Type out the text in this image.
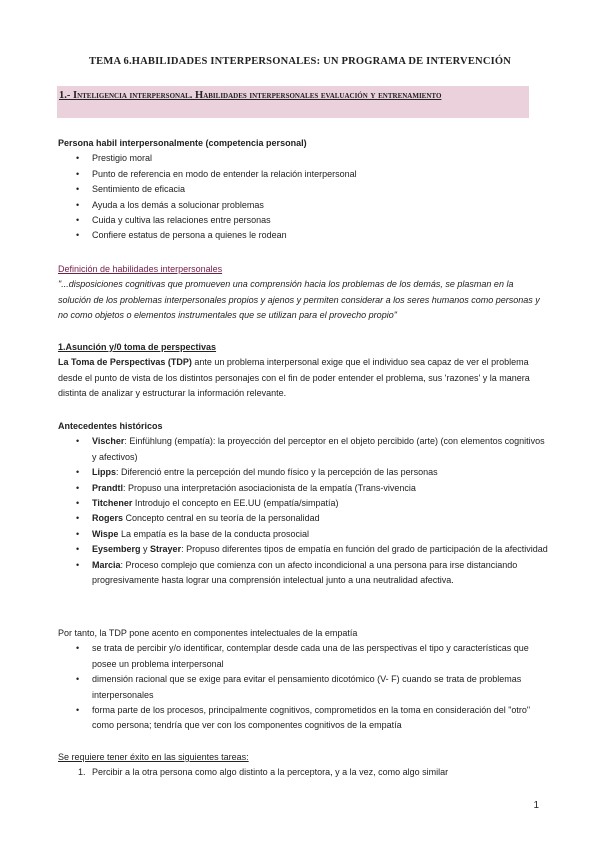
TEMA 6.HABILIDADES INTERPERSONALES: UN PROGRAMA DE INTERVENCIÓN
1.- Inteligencia interpersonal. Habilidades interpersonales evaluación y entrenamiento
Persona habil interpersonalmente (competencia personal)
• Prestigio moral
• Punto de referencia en modo de entender la relación interpersonal
• Sentimiento de eficacia
• Ayuda a los demás a solucionar problemas
• Cuida y cultiva las relaciones entre personas
• Confiere estatus de persona a quienes le rodean
Definición de habilidades interpersonales
"...disposiciones cognitivas que promueven una comprensión hacia los problemas de los demás, se plasman en la solución de los problemas interpersonales propios y ajenos y permiten considerar a los seres humanos como personas y no como objetos o elementos instrumentales que se utilizan para el provecho propio"
1.Asunción y/0 toma de perspectivas
La Toma de Perspectivas (TDP) ante un problema interpersonal exige que el individuo sea capaz de ver el problema desde el punto de vista de los distintos personajes con el fin de poder entender el problema, sus 'razones' y la manera distinta de analizar y estructurar la información relevante.
Antecedentes históricos
• Vischer: Einfühlung (empatía): la proyección del perceptor en el objeto percibido (arte) (con elementos cognitivos y afectivos)
• Lipps: Diferenció entre la percepción del mundo físico y la percepción de las personas
• Prandtl: Propuso una interpretación asociacionista de la empatía (Trans-vivencia
• Titchener Introdujo el concepto en EE.UU (empatía/simpatía)
• Rogers Concepto central en su teoría de la personalidad
• Wispe La empatía es la base de la conducta prosocial
• Eysemberg y Strayer: Propuso diferentes tipos de empatía en función del grado de participación de la afectividad
• Marcia: Proceso complejo que comienza con un afecto incondicional a una persona para irse distanciando progresivamente hasta lograr una comprensión intelectual junto a una neutralidad afectiva.
Por tanto, la TDP pone acento en componentes intelectuales de la empatía
• se trata de percibir y/o identificar, contemplar desde cada una de las perspectivas el tipo y características que posee un problema interpersonal
• dimensión racional que se exige para evitar el pensamiento dicotómico (V- F) cuando se trata de problemas interpersonales
• forma parte de los procesos, principalmente cognitivos, comprometidos en la toma en consideración del "otro" como persona; tendría que ver con los componentes cognitivos de la empatía
Se requiere tener éxito en las siguientes tareas:
1. Percibir a la otra persona como algo distinto a la perceptora, y a la vez, como algo similar
1
